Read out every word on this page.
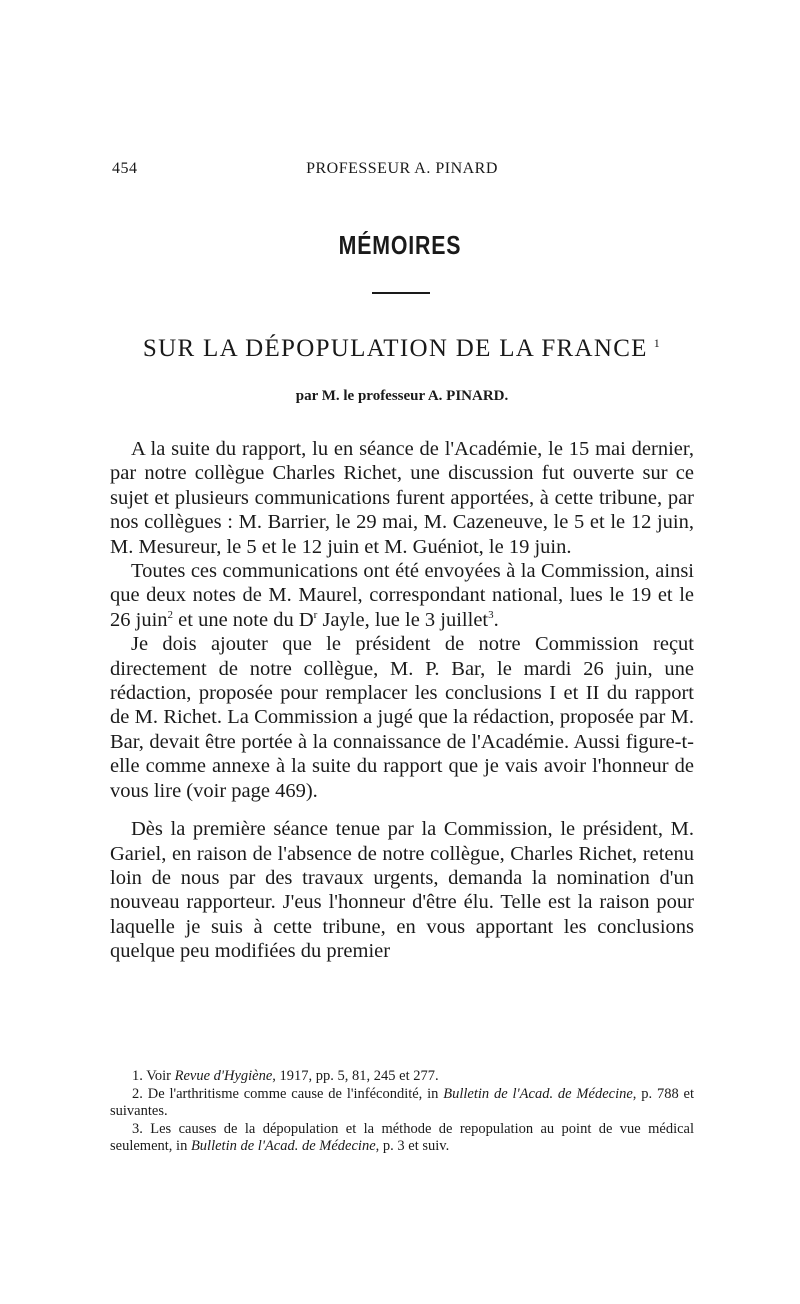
454	PROFESSEUR A. PINARD
MÉMOIRES
SUR LA DÉPOPULATION DE LA FRANCE $^1$
par M. le professeur A. PINARD.

A la suite du rapport, lu en séance de l'Académie, le 15 mai dernier, par notre collègue Charles Richet, une discussion fut ouverte sur ce sujet et plusieurs communications furent apportées, à cette tribune, par nos collègues : M. Barrier, le 29 mai, M. Cazeneuve, le 5 et le 12 juin, M. Mesureur, le 5 et le 12 juin et M. Guéniot, le 19 juin.

Toutes ces communications ont été envoyées à la Commission, ainsi que deux notes de M. Maurel, correspondant national, lues le 19 et le 26 juin$^2$ et une note du $D^r$ Jayle, lue le 3 juillet$^3$.

Je dois ajouter que le président de notre Commission reçut directement de notre collègue, M. P. Bar, le mardi 26 juin, une rédaction, proposée pour remplacer les conclusions I et II du rapport de M. Richet. La Commission a jugé que la rédaction, proposée par M. Bar, devait être portée à la connaissance de l'Académie. Aussi figure-t-elle comme annexe à la suite du rapport que je vais avoir l'honneur de vous lire (voir page 469).

Dès la première séance tenue par la Commission, le président, M. Gariel, en raison de l'absence de notre collègue, Charles Richet, retenu loin de nous par des travaux urgents, demanda la nomination d'un nouveau rapporteur. J'eus l'honneur d'être élu. Telle est la raison pour laquelle je suis à cette tribune, en vous apportant les conclusions quelque peu modifiées du premier

1. Voir Revue d'Hygiène, 1917, pp. 5, 81, 245 et 277.

2. De l'arthritisme comme cause de l'infécondité, in Bulletin de l'Acad. de Médecine, p. 788 et suivantes.

3. Les causes de la dépopulation et la méthode de repopulation au point de vue médical seulement, in Bulletin de l'Acad. de Médecine, p. 3 et suiv.
